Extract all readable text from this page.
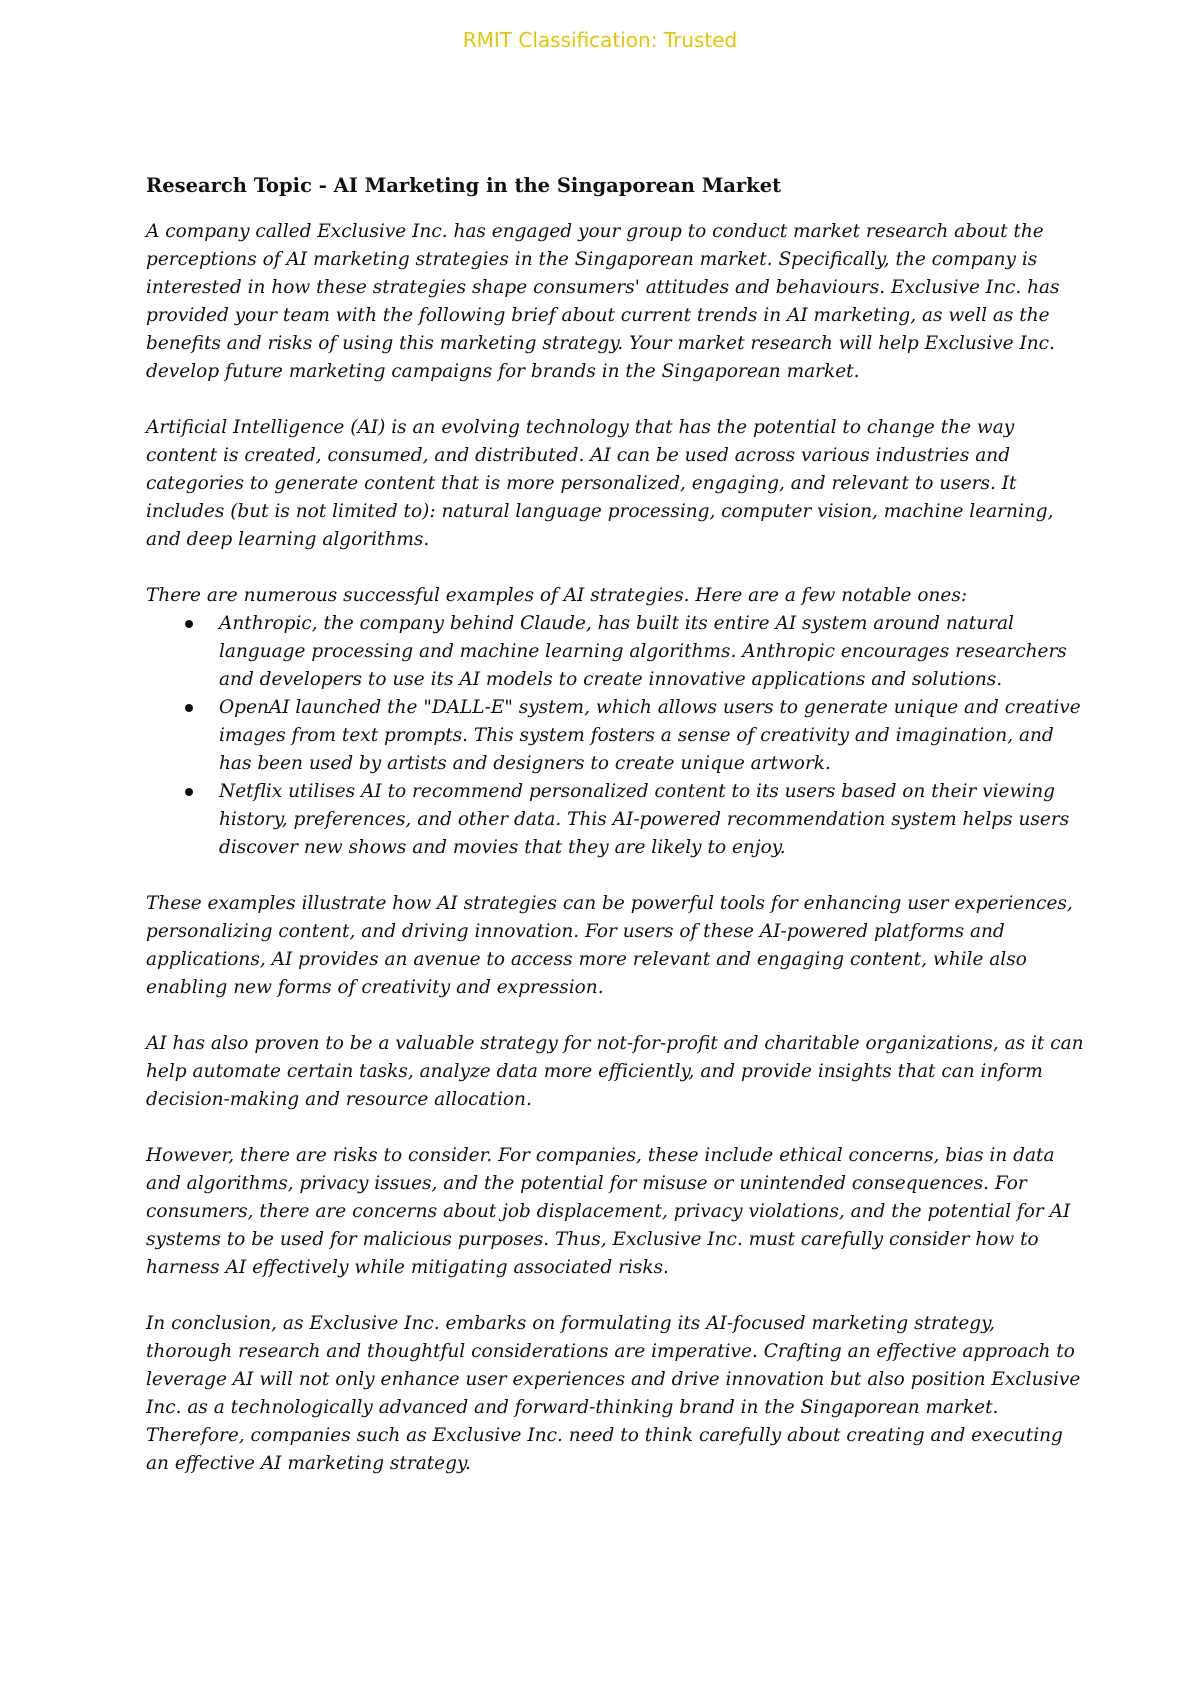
RMIT Classification: Trusted

Research Topic - AI Marketing in the Singaporean Market

A company called Exclusive Inc. has engaged your group to conduct market research about the perceptions of AI marketing strategies in the Singaporean market. Specifically, the company is interested in how these strategies shape consumers' attitudes and behaviours. Exclusive Inc. has provided your team with the following brief about current trends in AI marketing, as well as the benefits and risks of using this marketing strategy. Your market research will help Exclusive Inc. develop future marketing campaigns for brands in the Singaporean market.

Artificial Intelligence (AI) is an evolving technology that has the potential to change the way content is created, consumed, and distributed. AI can be used across various industries and categories to generate content that is more personalized, engaging, and relevant to users. It includes (but is not limited to): natural language processing, computer vision, machine learning, and deep learning algorithms.

There are numerous successful examples of AI strategies. Here are a few notable ones:

Anthropic, the company behind Claude, has built its entire AI system around natural language processing and machine learning algorithms. Anthropic encourages researchers and developers to use its AI models to create innovative applications and solutions.
OpenAI launched the "DALL-E" system, which allows users to generate unique and creative images from text prompts. This system fosters a sense of creativity and imagination, and has been used by artists and designers to create unique artwork.
Netflix utilises AI to recommend personalized content to its users based on their viewing history, preferences, and other data. This AI-powered recommendation system helps users discover new shows and movies that they are likely to enjoy.

These examples illustrate how AI strategies can be powerful tools for enhancing user experiences, personalizing content, and driving innovation. For users of these AI-powered platforms and applications, AI provides an avenue to access more relevant and engaging content, while also enabling new forms of creativity and expression.

AI has also proven to be a valuable strategy for not-for-profit and charitable organizations, as it can help automate certain tasks, analyze data more efficiently, and provide insights that can inform decision-making and resource allocation.

However, there are risks to consider. For companies, these include ethical concerns, bias in data and algorithms, privacy issues, and the potential for misuse or unintended consequences. For consumers, there are concerns about job displacement, privacy violations, and the potential for AI systems to be used for malicious purposes. Thus, Exclusive Inc. must carefully consider how to harness AI effectively while mitigating associated risks.

In conclusion, as Exclusive Inc. embarks on formulating its AI-focused marketing strategy, thorough research and thoughtful considerations are imperative. Crafting an effective approach to leverage AI will not only enhance user experiences and drive innovation but also position Exclusive Inc. as a technologically advanced and forward-thinking brand in the Singaporean market. Therefore, companies such as Exclusive Inc. need to think carefully about creating and executing an effective AI marketing strategy.
